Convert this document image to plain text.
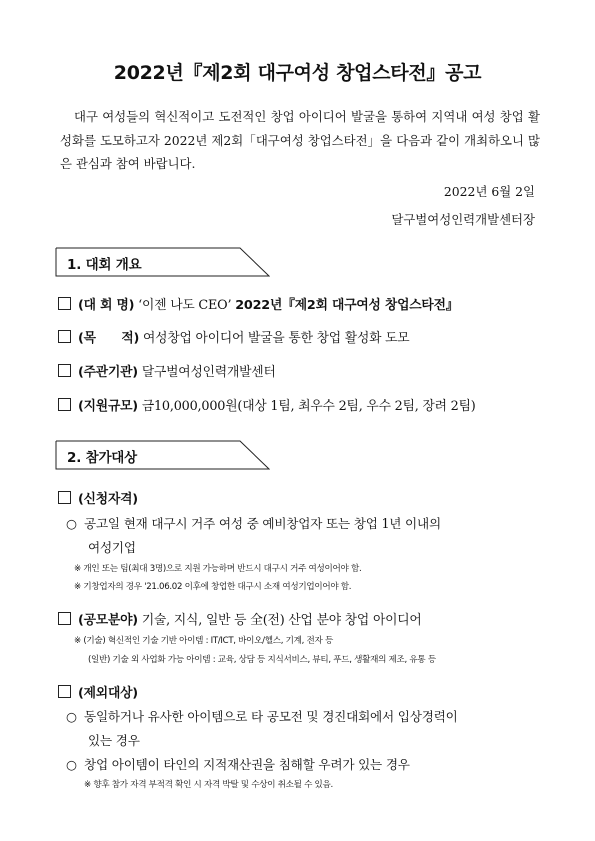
2022년『제2회 대구여성 창업스타전』공고
대구 여성들의 혁신적이고 도전적인 창업 아이디어 발굴을 통하여 지역내 여성 창업 활성화를 도모하고자 2022년 제2회「대구여성 창업스타전」을 다음과 같이 개최하오니 많은 관심과 참여 바랍니다.
2022년 6월 2일
달구벌여성인력개발센터장
1. 대회 개요
(대 회 명) ‘이젠 나도 CEO’ 2022년『제2회 대구여성 창업스타전』
(목      적) 여성창업 아이디어 발굴을 통한 창업 활성화 도모
(주관기관) 달구벌여성인력개발센터
(지원규모) 금10,000,000원(대상 1팀, 최우수 2팀, 우수 2팀, 장려 2팀)
2. 참가대상
(신청자격)
○ 공고일 현재 대구시 거주 여성 중 예비창업자 또는 창업 1년 이내의
여성기업
※ 개인 또는 팀(최대 3명)으로 지원 가능하며 반드시 대구시 거주 여성이어야 함.
※ 기창업자의 경우 '21.06.02 이후에 창업한 대구시 소재 여성기업이어야 함.
(공모분야) 기술, 지식, 일반 등 全(전) 산업 분야 창업 아이디어
※ (기술) 혁신적인 기술 기반 아이템 : IT/ICT, 바이오/헬스, 기계, 전자 등
(일반) 기술 외 사업화 가능 아이템 : 교육, 상담 등 지식서비스, 뷰티, 푸드, 생활재의 제조, 유통 등
(제외대상)
○ 동일하거나 유사한 아이템으로 타 공모전 및 경진대회에서 입상경력이
있는 경우
○ 창업 아이템이 타인의 지적재산권을 침해할 우려가 있는 경우
※ 향후 참가 자격 부적격 확인 시 자격 박탈 및 수상이 취소될 수 있음.
